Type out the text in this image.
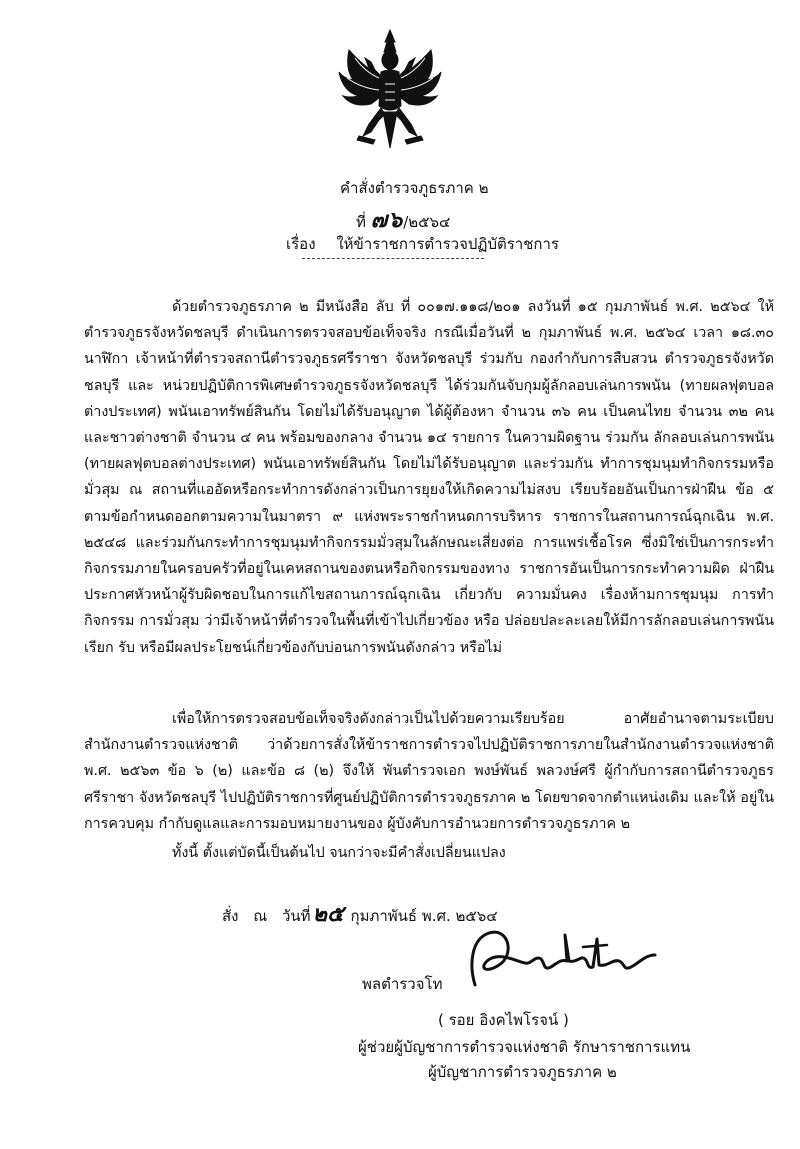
คำสั่งตำรวจภูธรภาค ๒
ที่ ๗๖/๒๕๖๔
เรื่อง ให้ข้าราชการตำรวจปฏิบัติราชการ
ด้วยตำรวจภูธรภาค ๒ มีหนังสือ ลับ ที่ ๐๐๑๗.๑๑๘/๒๐๑ ลงวันที่ ๑๕ กุมภาพันธ์ พ.ศ. ๒๕๖๔ ให้ตำรวจภูธรจังหวัดชลบุรี ดำเนินการตรวจสอบข้อเท็จจริง กรณีเมื่อวันที่ ๒ กุมภาพันธ์ พ.ศ. ๒๕๖๔ เวลา ๑๘.๓๐ นาฬิกา เจ้าหน้าที่ตำรวจสถานีตำรวจภูธรศรีราชา จังหวัดชลบุรี ร่วมกับ กองกำกับการสืบสวน ตำรวจภูธรจังหวัดชลบุรี และ หน่วยปฏิบัติการพิเศษตำรวจภูธรจังหวัดชลบุรี ได้ร่วมกันจับกุมผู้ลักลอบเล่นการพนัน (ทายผลฟุตบอลต่างประเทศ) พนันเอาทรัพย์สินกัน โดยไม่ได้รับอนุญาต ได้ผู้ต้องหา จำนวน ๓๖ คน เป็นคนไทย จำนวน ๓๒ คน และชาวต่างชาติ จำนวน ๔ คน พร้อมของกลาง จำนวน ๑๔ รายการ ในความผิดฐาน ร่วมกัน ลักลอบเล่นการพนัน (ทายผลฟุตบอลต่างประเทศ) พนันเอาทรัพย์สินกัน โดยไม่ได้รับอนุญาต และร่วมกัน ทำการชุมนุมทำกิจกรรมหรือมั่วสุม ณ สถานที่แออัดหรือกระทำการดังกล่าวเป็นการยุยงให้เกิดความไม่สงบ เรียบร้อยอันเป็นการฝ่าฝืน ข้อ ๕ ตามข้อกำหนดออกตามความในมาตรา ๙ แห่งพระราชกำหนดการบริหาร ราชการในสถานการณ์ฉุกเฉิน พ.ศ. ๒๕๔๘ และร่วมกันกระทำการชุมนุมทำกิจกรรมมั่วสุมในลักษณะเสี่ยงต่อ การแพร่เชื้อโรค ซึ่งมิใช่เป็นการกระทำกิจกรรมภายในครอบครัวที่อยู่ในเคหสถานของตนหรือกิจกรรมของทาง ราชการอันเป็นการกระทำความผิด ฝ่าฝืนประกาศหัวหน้าผู้รับผิดชอบในการแก้ไขสถานการณ์ฉุกเฉิน เกี่ยวกับ ความมั่นคง เรื่องห้ามการชุมนุม การทำกิจกรรม การมั่วสุม ว่ามีเจ้าหน้าที่ตำรวจในพื้นที่เข้าไปเกี่ยวข้อง หรือ ปล่อยปละละเลยให้มีการลักลอบเล่นการพนัน เรียก รับ หรือมีผลประโยชน์เกี่ยวข้องกับบ่อนการพนันดังกล่าว หรือไม่
เพื่อให้การตรวจสอบข้อเท็จจริงดังกล่าวเป็นไปด้วยความเรียบร้อย อาศัยอำนาจตามระเบียบ สำนักงานตำรวจแห่งชาติ ว่าด้วยการสั่งให้ข้าราชการตำรวจไปปฏิบัติราชการภายในสำนักงานตำรวจแห่งชาติ พ.ศ. ๒๕๖๓ ข้อ ๖ (๒) และข้อ ๘ (๒) จึงให้ พันตำรวจเอก พงษ์พันธ์ พลวงษ์ศรี ผู้กำกับการสถานีตำรวจภูธร ศรีราชา จังหวัดชลบุรี ไปปฏิบัติราชการที่ศูนย์ปฏิบัติการตำรวจภูธรภาค ๒ โดยขาดจากตำแหน่งเดิม และให้ อยู่ในการควบคุม กำกับดูแลและการมอบหมายงานของ ผู้บังคับการอำนวยการตำรวจภูธรภาค ๒
ทั้งนี้ ตั้งแต่บัดนี้เป็นต้นไป จนกว่าจะมีคำสั่งเปลี่ยนแปลง
สั่ง ณ วันที่๒๕ กุมภาพันธ์ พ.ศ. ๒๕๖๔
พลตำรวจโท
( รอย อิงคไพโรจน์ )
ผู้ช่วยผู้บัญชาการตำรวจแห่งชาติ รักษาราชการแทน
ผู้บัญชาการตำรวจภูธรภาค ๒
